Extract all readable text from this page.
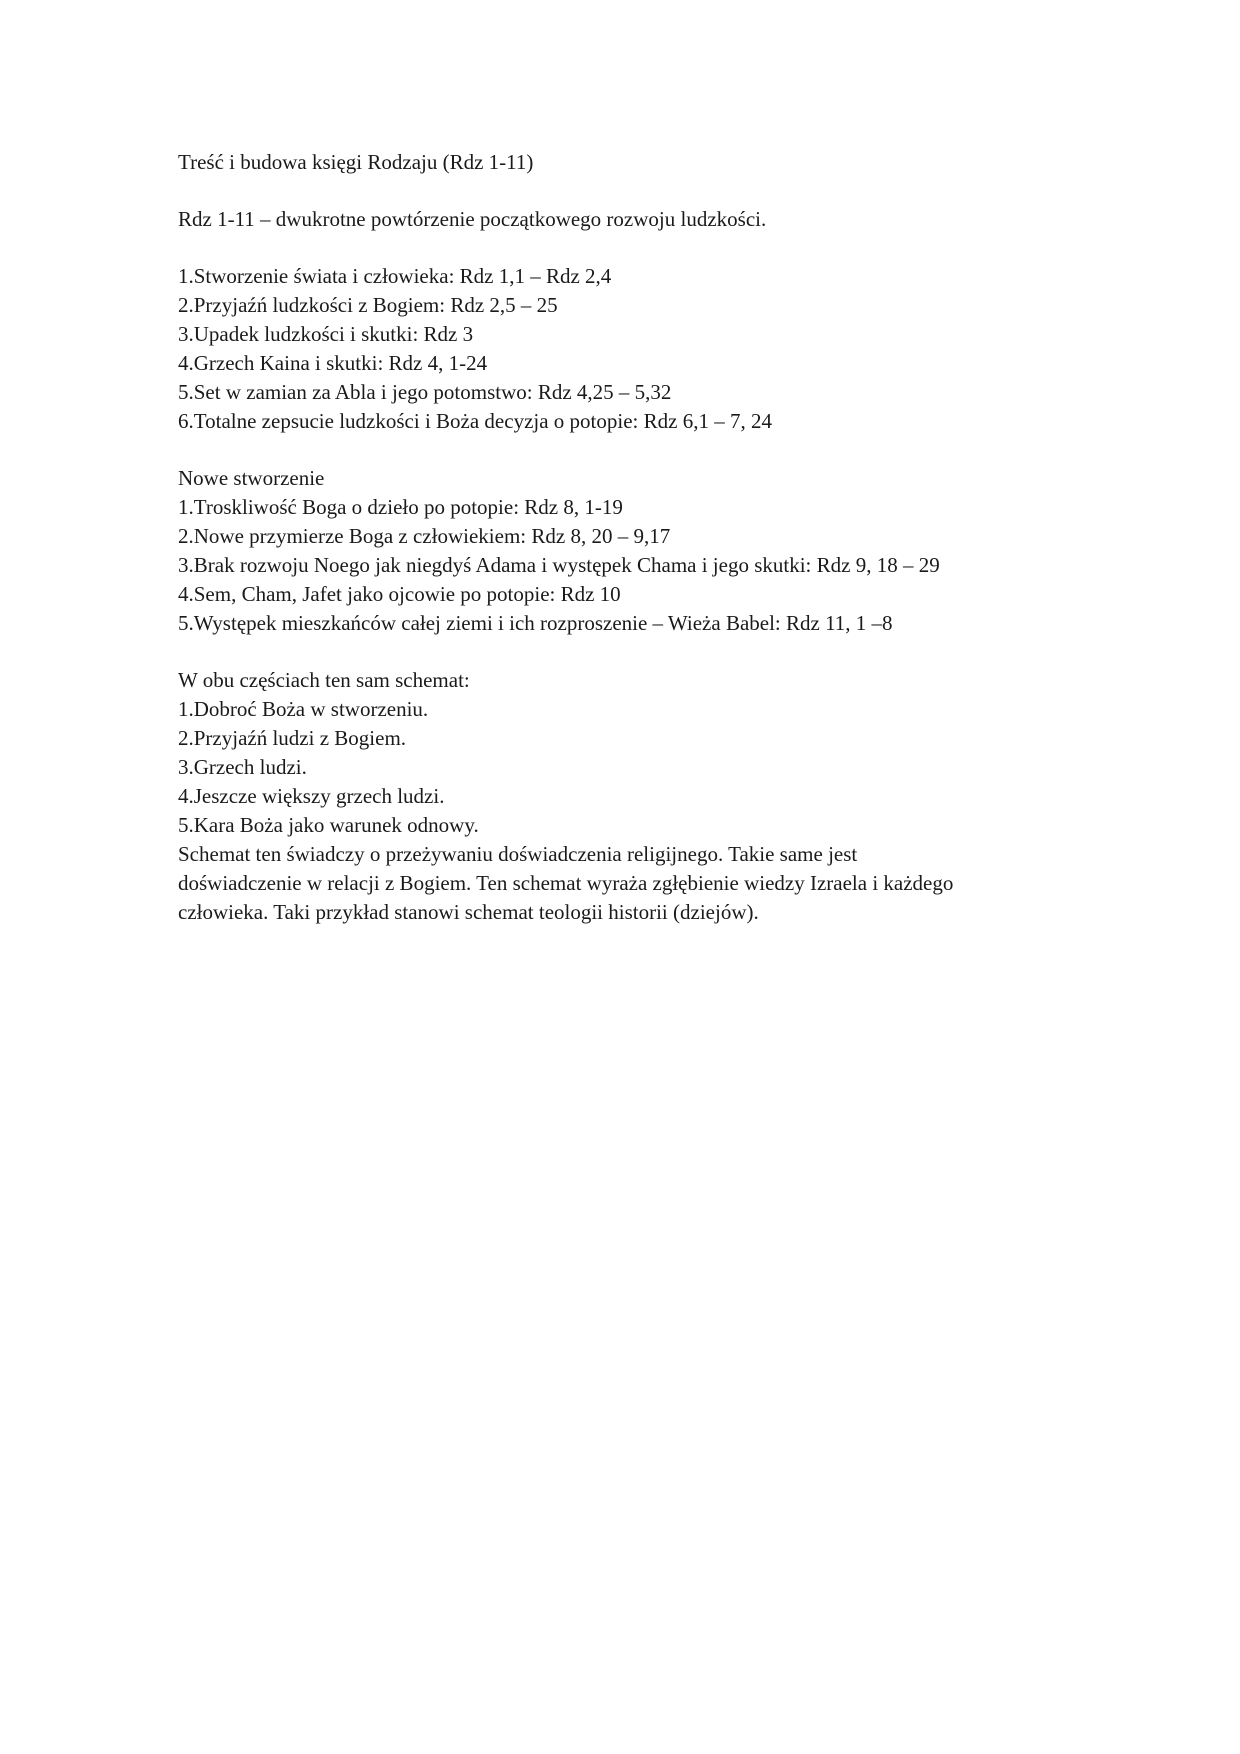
Treść i budowa księgi Rodzaju (Rdz 1-11)
Rdz 1-11 – dwukrotne powtórzenie początkowego rozwoju ludzkości.
1.Stworzenie świata i człowieka: Rdz 1,1 – Rdz 2,4
2.Przyjaźń ludzkości z Bogiem: Rdz 2,5 – 25
3.Upadek ludzkości i skutki: Rdz 3
4.Grzech Kaina i skutki: Rdz 4, 1-24
5.Set w zamian za Abla i jego potomstwo: Rdz 4,25 – 5,32
6.Totalne zepsucie ludzkości i Boża decyzja o potopie: Rdz 6,1 – 7, 24
Nowe stworzenie
1.Troskliwość Boga o dzieło po potopie: Rdz 8, 1-19
2.Nowe przymierze Boga z człowiekiem: Rdz 8, 20 – 9,17
3.Brak rozwoju Noego jak niegdyś Adama i występek Chama i jego skutki: Rdz 9, 18 – 29
4.Sem, Cham, Jafet jako ojcowie po potopie: Rdz 10
5.Występek mieszkańców całej ziemi i ich rozproszenie – Wieża Babel: Rdz 11, 1 –8
W obu częściach ten sam schemat:
1.Dobroć Boża w stworzeniu.
2.Przyjaźń ludzi z Bogiem.
3.Grzech ludzi.
4.Jeszcze większy grzech ludzi.
5.Kara Boża jako warunek odnowy.
Schemat ten świadczy o przeżywaniu doświadczenia religijnego. Takie same jest
doświadczenie w relacji z Bogiem. Ten schemat wyraża zgłębienie wiedzy Izraela i każdego
człowieka. Taki przykład stanowi schemat teologii historii (dziejów).
